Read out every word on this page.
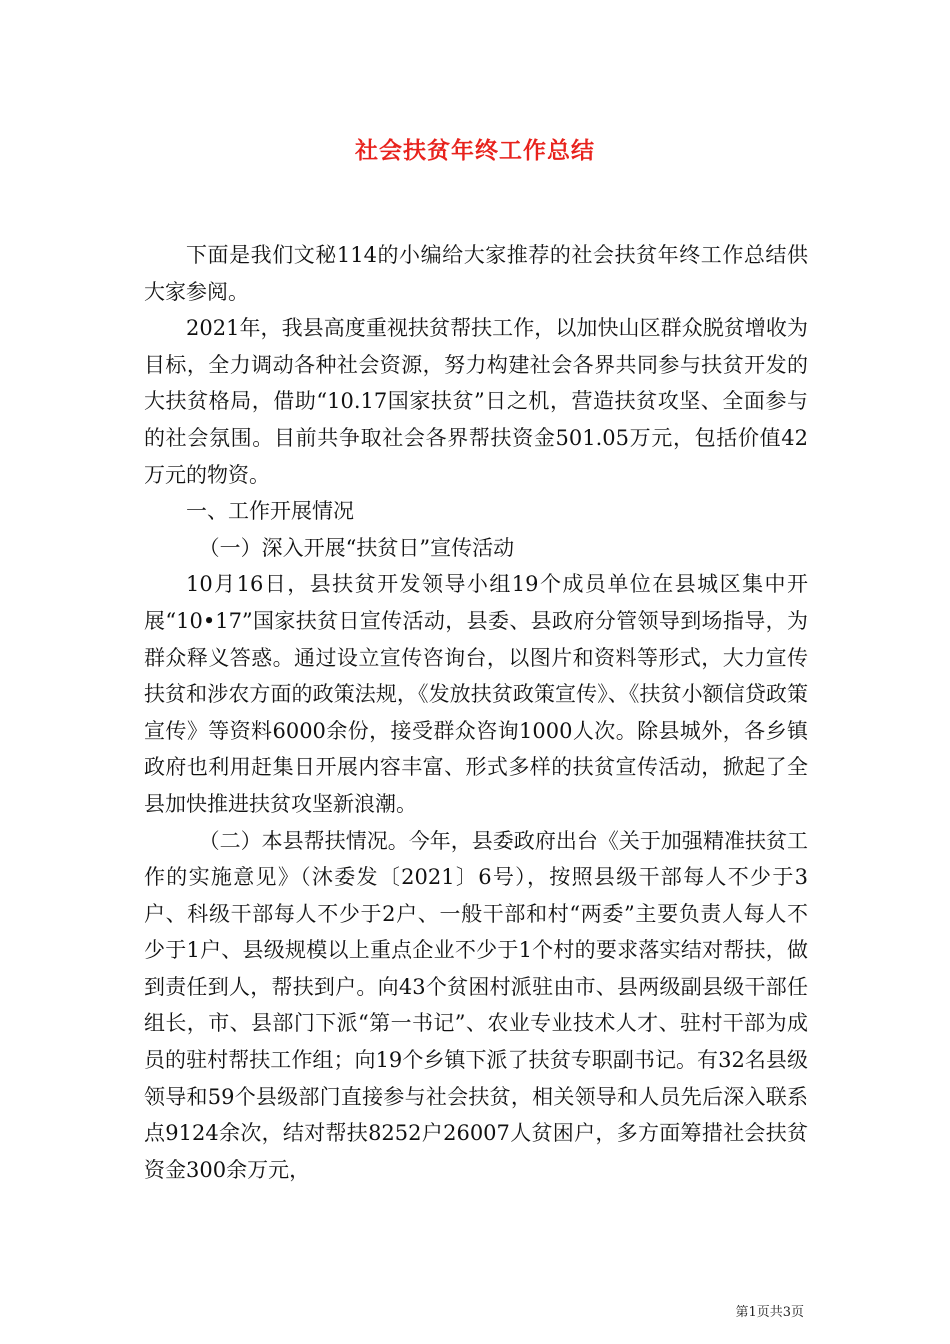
社会扶贫年终工作总结

下面是我们文秘114的小编给大家推荐的社会扶贫年终工作总结供大家参阅。

2021年，我县高度重视扶贫帮扶工作，以加快山区群众脱贫增收为目标，全力调动各种社会资源，努力构建社会各界共同参与扶贫开发的大扶贫格局，借助“10.17国家扶贫”日之机，营造扶贫攻坚、全面参与的社会氛围。目前共争取社会各界帮扶资金501.05万元，包括价值42万元的物资。

一、工作开展情况

（一）深入开展“扶贫日”宣传活动

10月16日，县扶贫开发领导小组19个成员单位在县城区集中开展“10•17”国家扶贫日宣传活动，县委、县政府分管领导到场指导，为群众释义答惑。通过设立宣传咨询台，以图片和资料等形式，大力宣传扶贫和涉农方面的政策法规，《发放扶贫政策宣传》、《扶贫小额信贷政策宣传》等资料6000余份，接受群众咨询1000人次。除县城外，各乡镇政府也利用赶集日开展内容丰富、形式多样的扶贫宣传活动，掀起了全县加快推进扶贫攻坚新浪潮。

（二）本县帮扶情况。今年，县委政府出台《关于加强精准扶贫工作的实施意见》（沐委发〔2021〕6号），按照县级干部每人不少于3户、科级干部每人不少于2户、一般干部和村“两委”主要负责人每人不少于1户、县级规模以上重点企业不少于1个村的要求落实结对帮扶，做到责任到人，帮扶到户。向43个贫困村派驻由市、县两级副县级干部任组长，市、县部门下派“第一书记”、农业专业技术人才、驻村干部为成员的驻村帮扶工作组；向19个乡镇下派了扶贫专职副书记。有32名县级领导和59个县级部门直接参与社会扶贫，相关领导和人员先后深入联系点9124余次，结对帮扶8252户26007人贫困户，多方面筹措社会扶贫资金300余万元，

第1页共3页
